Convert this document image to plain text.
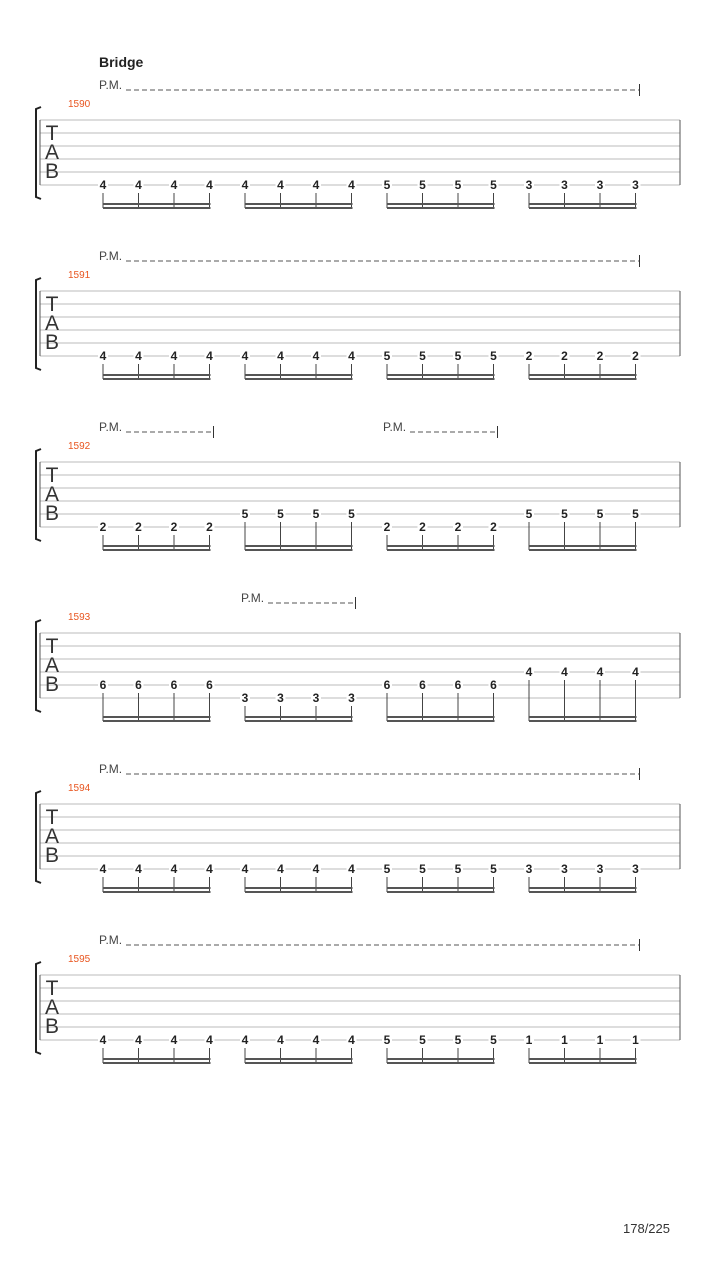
Bridge
T
A
B
1590
P.M.
4 4 4 4 4 4 4 4 5 5 5 5 3 3 3 3
T
A
B
1591
P.M.
4 4 4 4 4 4 4 4 5 5 5 5 2 2 2 2
T
A
B
1592
P.M.	P.M.
2 2 2 2
5 5 5 5
2 2 2 2
5 5 5 5
T
A
B
1593
P.M.
6 6 6 6
3 3 3 3
6 6 6 6
4 4 4 4
T
A
B
1594
P.M.
4 4 4 4 4 4 4 4 5 5 5 5 3 3 3 3
T
A
B
1595
P.M.
4 4 4 4 4 4 4 4 5 5 5 5 1 1 1 1
178/225
